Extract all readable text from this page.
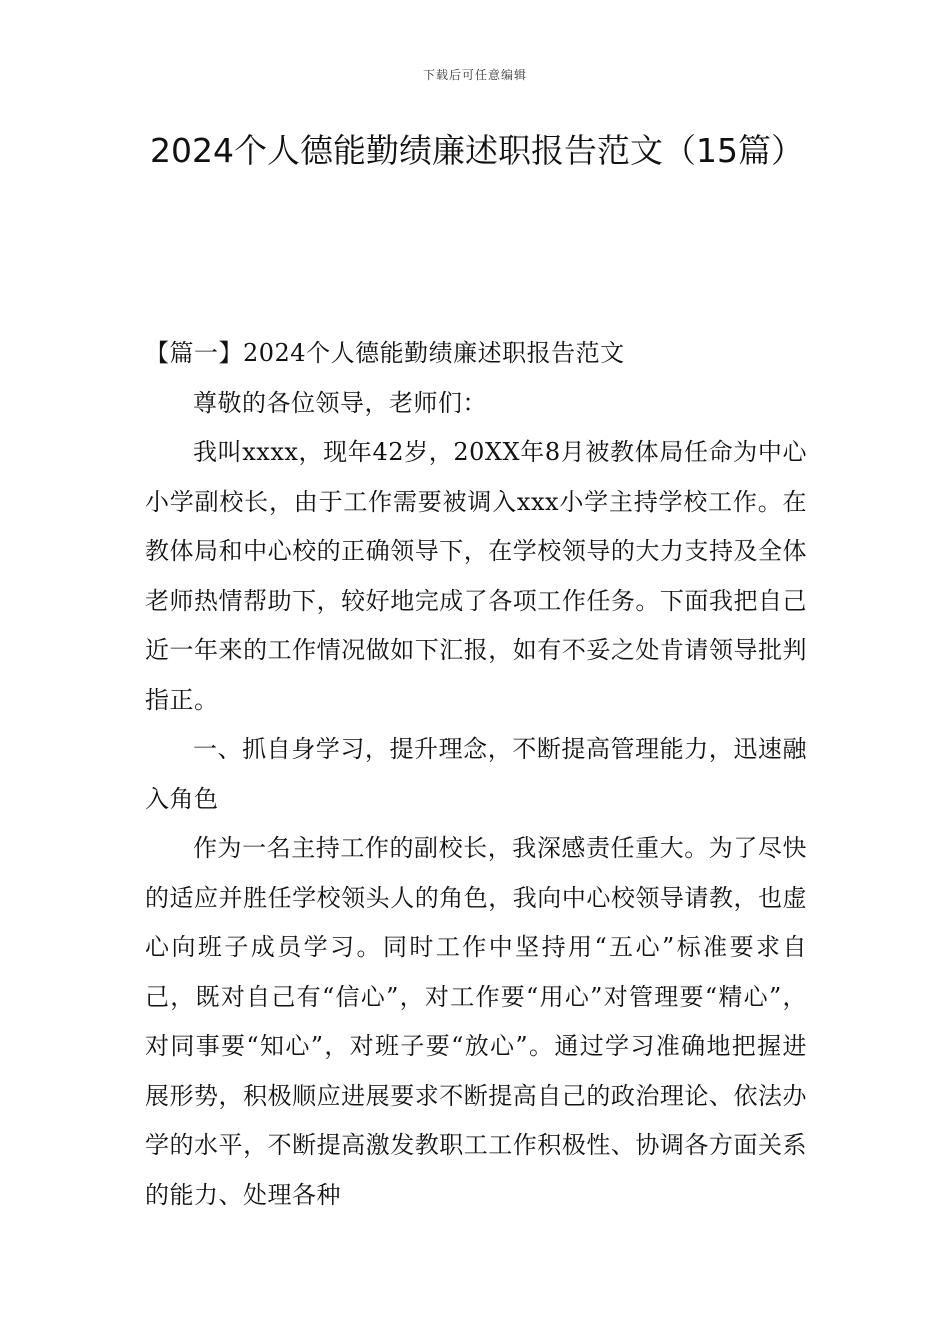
下载后可任意编辑
2024个人德能勤绩廉述职报告范文（15篇）

【篇一】2024个人德能勤绩廉述职报告范文

尊敬的各位领导，老师们：

我叫xxxx，现年42岁，20XX年8月被教体局任命为中心小学副校长，由于工作需要被调入xxx小学主持学校工作。在教体局和中心校的正确领导下，在学校领导的大力支持及全体老师热情帮助下，较好地完成了各项工作任务。下面我把自己近一年来的工作情况做如下汇报，如有不妥之处肯请领导批判指正。

一、抓自身学习，提升理念，不断提高管理能力，迅速融入角色

作为一名主持工作的副校长，我深感责任重大。为了尽快的适应并胜任学校领头人的角色，我向中心校领导请教，也虚心向班子成员学习。同时工作中坚持用“五心”标准要求自己，既对自己有“信心”，对工作要“用心”对管理要“精心”，对同事要“知心”，对班子要“放心”。通过学习准确地把握进展形势，积极顺应进展要求不断提高自己的政治理论、依法办学的水平，不断提高激发教职工工作积极性、协调各方面关系的能力、处理各种
